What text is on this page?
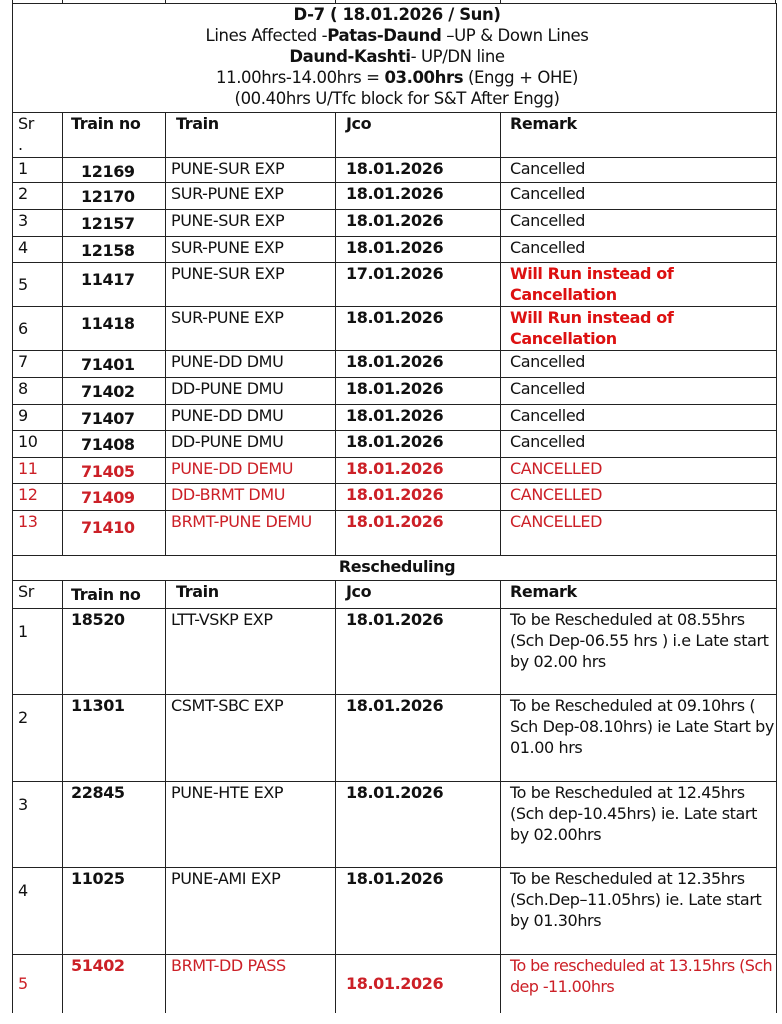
D-7 ( 18.01.2026 / Sun)
Lines Affected -Patas-Daund –UP & Down Lines
Daund-Kashti- UP/DN line
11.00hrs-14.00hrs = 03.00hrs (Engg + OHE)
(00.40hrs U/Tfc block for S&T After Engg)				

Sr
.	Train no	Train	Jco	Remark
1	12169	PUNE-SUR EXP	18.01.2026	Cancelled
2	12170	SUR-PUNE EXP	18.01.2026	Cancelled
3	12157	PUNE-SUR EXP	18.01.2026	Cancelled
4	12158	SUR-PUNE EXP	18.01.2026	Cancelled
5	11417	PUNE-SUR EXP	17.01.2026	Will Run instead of Cancellation
6	11418	SUR-PUNE EXP	18.01.2026	Will Run instead of Cancellation
7	71401	PUNE-DD DMU	18.01.2026	Cancelled
8	71402	DD-PUNE DMU	18.01.2026	Cancelled
9	71407	PUNE-DD DMU	18.01.2026	Cancelled
10	71408	DD-PUNE DMU	18.01.2026	Cancelled
11	71405	PUNE-DD DEMU	18.01.2026	CANCELLED
12	71409	DD-BRMT DMU	18.01.2026	CANCELLED
13	71410	BRMT-PUNE DEMU	18.01.2026	CANCELLED
Rescheduling				
Sr	Train no	Train	Jco	Remark
1	18520	LTT-VSKP EXP	18.01.2026	To be Rescheduled at 08.55hrs (Sch Dep-06.55 hrs ) i.e Late start by 02.00 hrs
2	11301	CSMT-SBC EXP	18.01.2026	To be Rescheduled at 09.10hrs ( Sch Dep-08.10hrs) ie Late Start by 01.00 hrs
3	22845	PUNE-HTE EXP	18.01.2026	To be Rescheduled at 12.45hrs (Sch dep-10.45hrs) ie. Late start by 02.00hrs
4	11025	PUNE-AMI EXP	18.01.2026	To be Rescheduled at 12.35hrs (Sch.Dep–11.05hrs) ie. Late start by 01.30hrs
5	51402	BRMT-DD PASS	18.01.2026	To be rescheduled at 13.15hrs (Sch dep -11.00hrs
